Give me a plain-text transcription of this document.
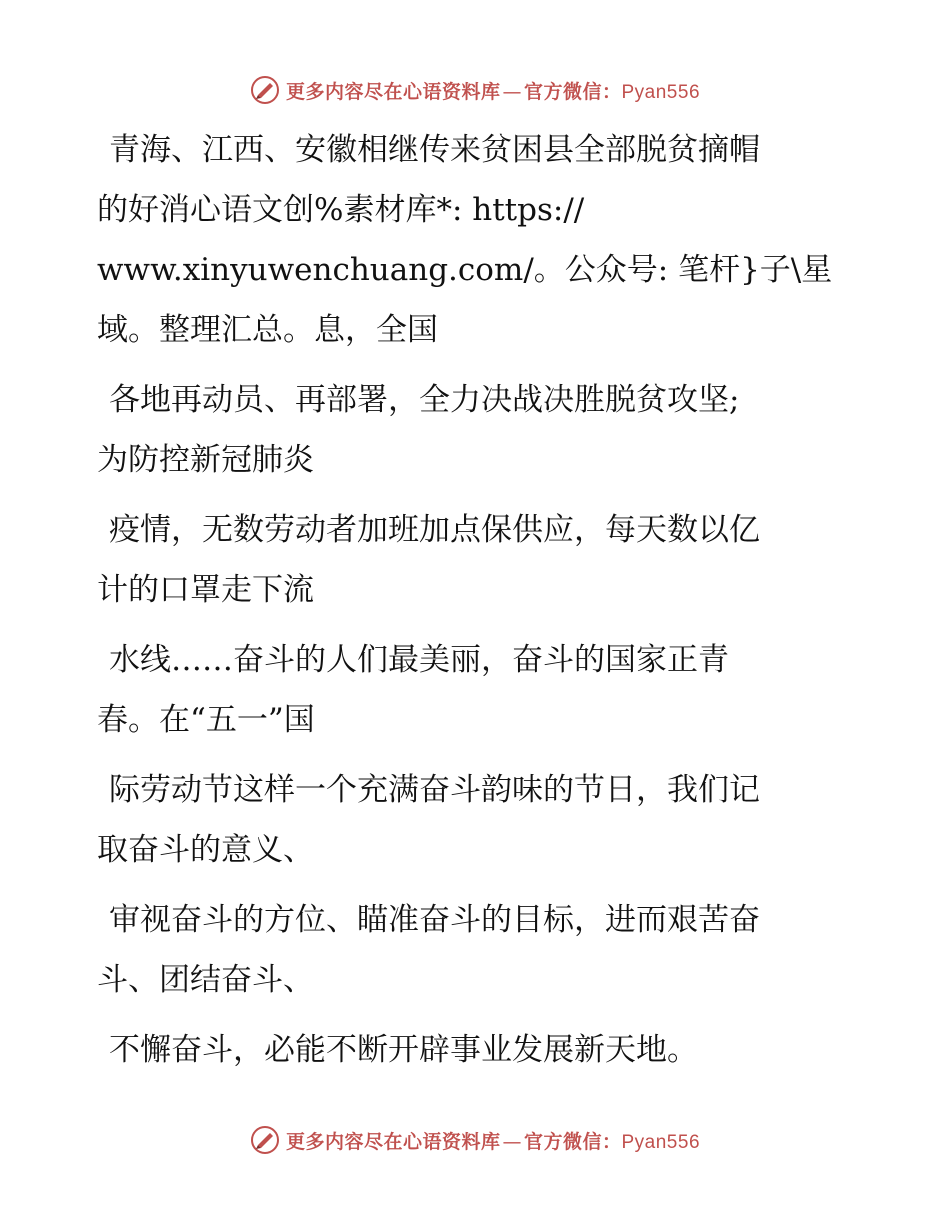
更多内容尽在心语资料库 — 官方微信：Pyan556

青海、江西、安徽相继传来贫困县全部脱贫摘帽
的好消心语文创%素材库*: https://
www.xinyuwenchuang.com/。公众号: 笔杆}子\星
域。整理汇总。息，全国

各地再动员、再部署，全力决战决胜脱贫攻坚;
为防控新冠肺炎

疫情，无数劳动者加班加点保供应，每天数以亿
计的口罩走下流

水线……奋斗的人们最美丽，奋斗的国家正青
春。在“五一”国

际劳动节这样一个充满奋斗韵味的节日，我们记
取奋斗的意义、

审视奋斗的方位、瞄准奋斗的目标，进而艰苦奋
斗、团结奋斗、

不懈奋斗，必能不断开辟事业发展新天地。

更多内容尽在心语资料库 — 官方微信：Pyan556
